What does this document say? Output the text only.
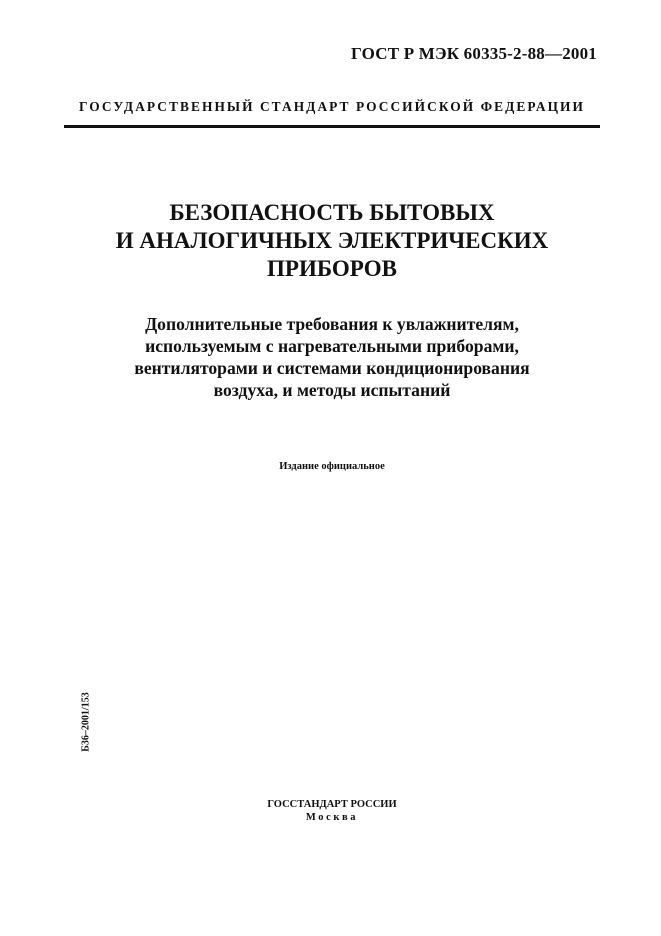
ГОСТ Р МЭК 60335-2-88—2001
ГОСУДАРСТВЕННЫЙ СТАНДАРТ РОССИЙСКОЙ ФЕДЕРАЦИИ
БЕЗОПАСНОСТЬ БЫТОВЫХ
И АНАЛОГИЧНЫХ ЭЛЕКТРИЧЕСКИХ
ПРИБОРОВ
Дополнительные требования к увлажнителям,
используемым с нагревательными приборами,
вентиляторами и системами кондиционирования
воздуха, и методы испытаний
Издание официальное
Б36–2001/153
ГОССТАНДАРТ РОССИИ
Москва
